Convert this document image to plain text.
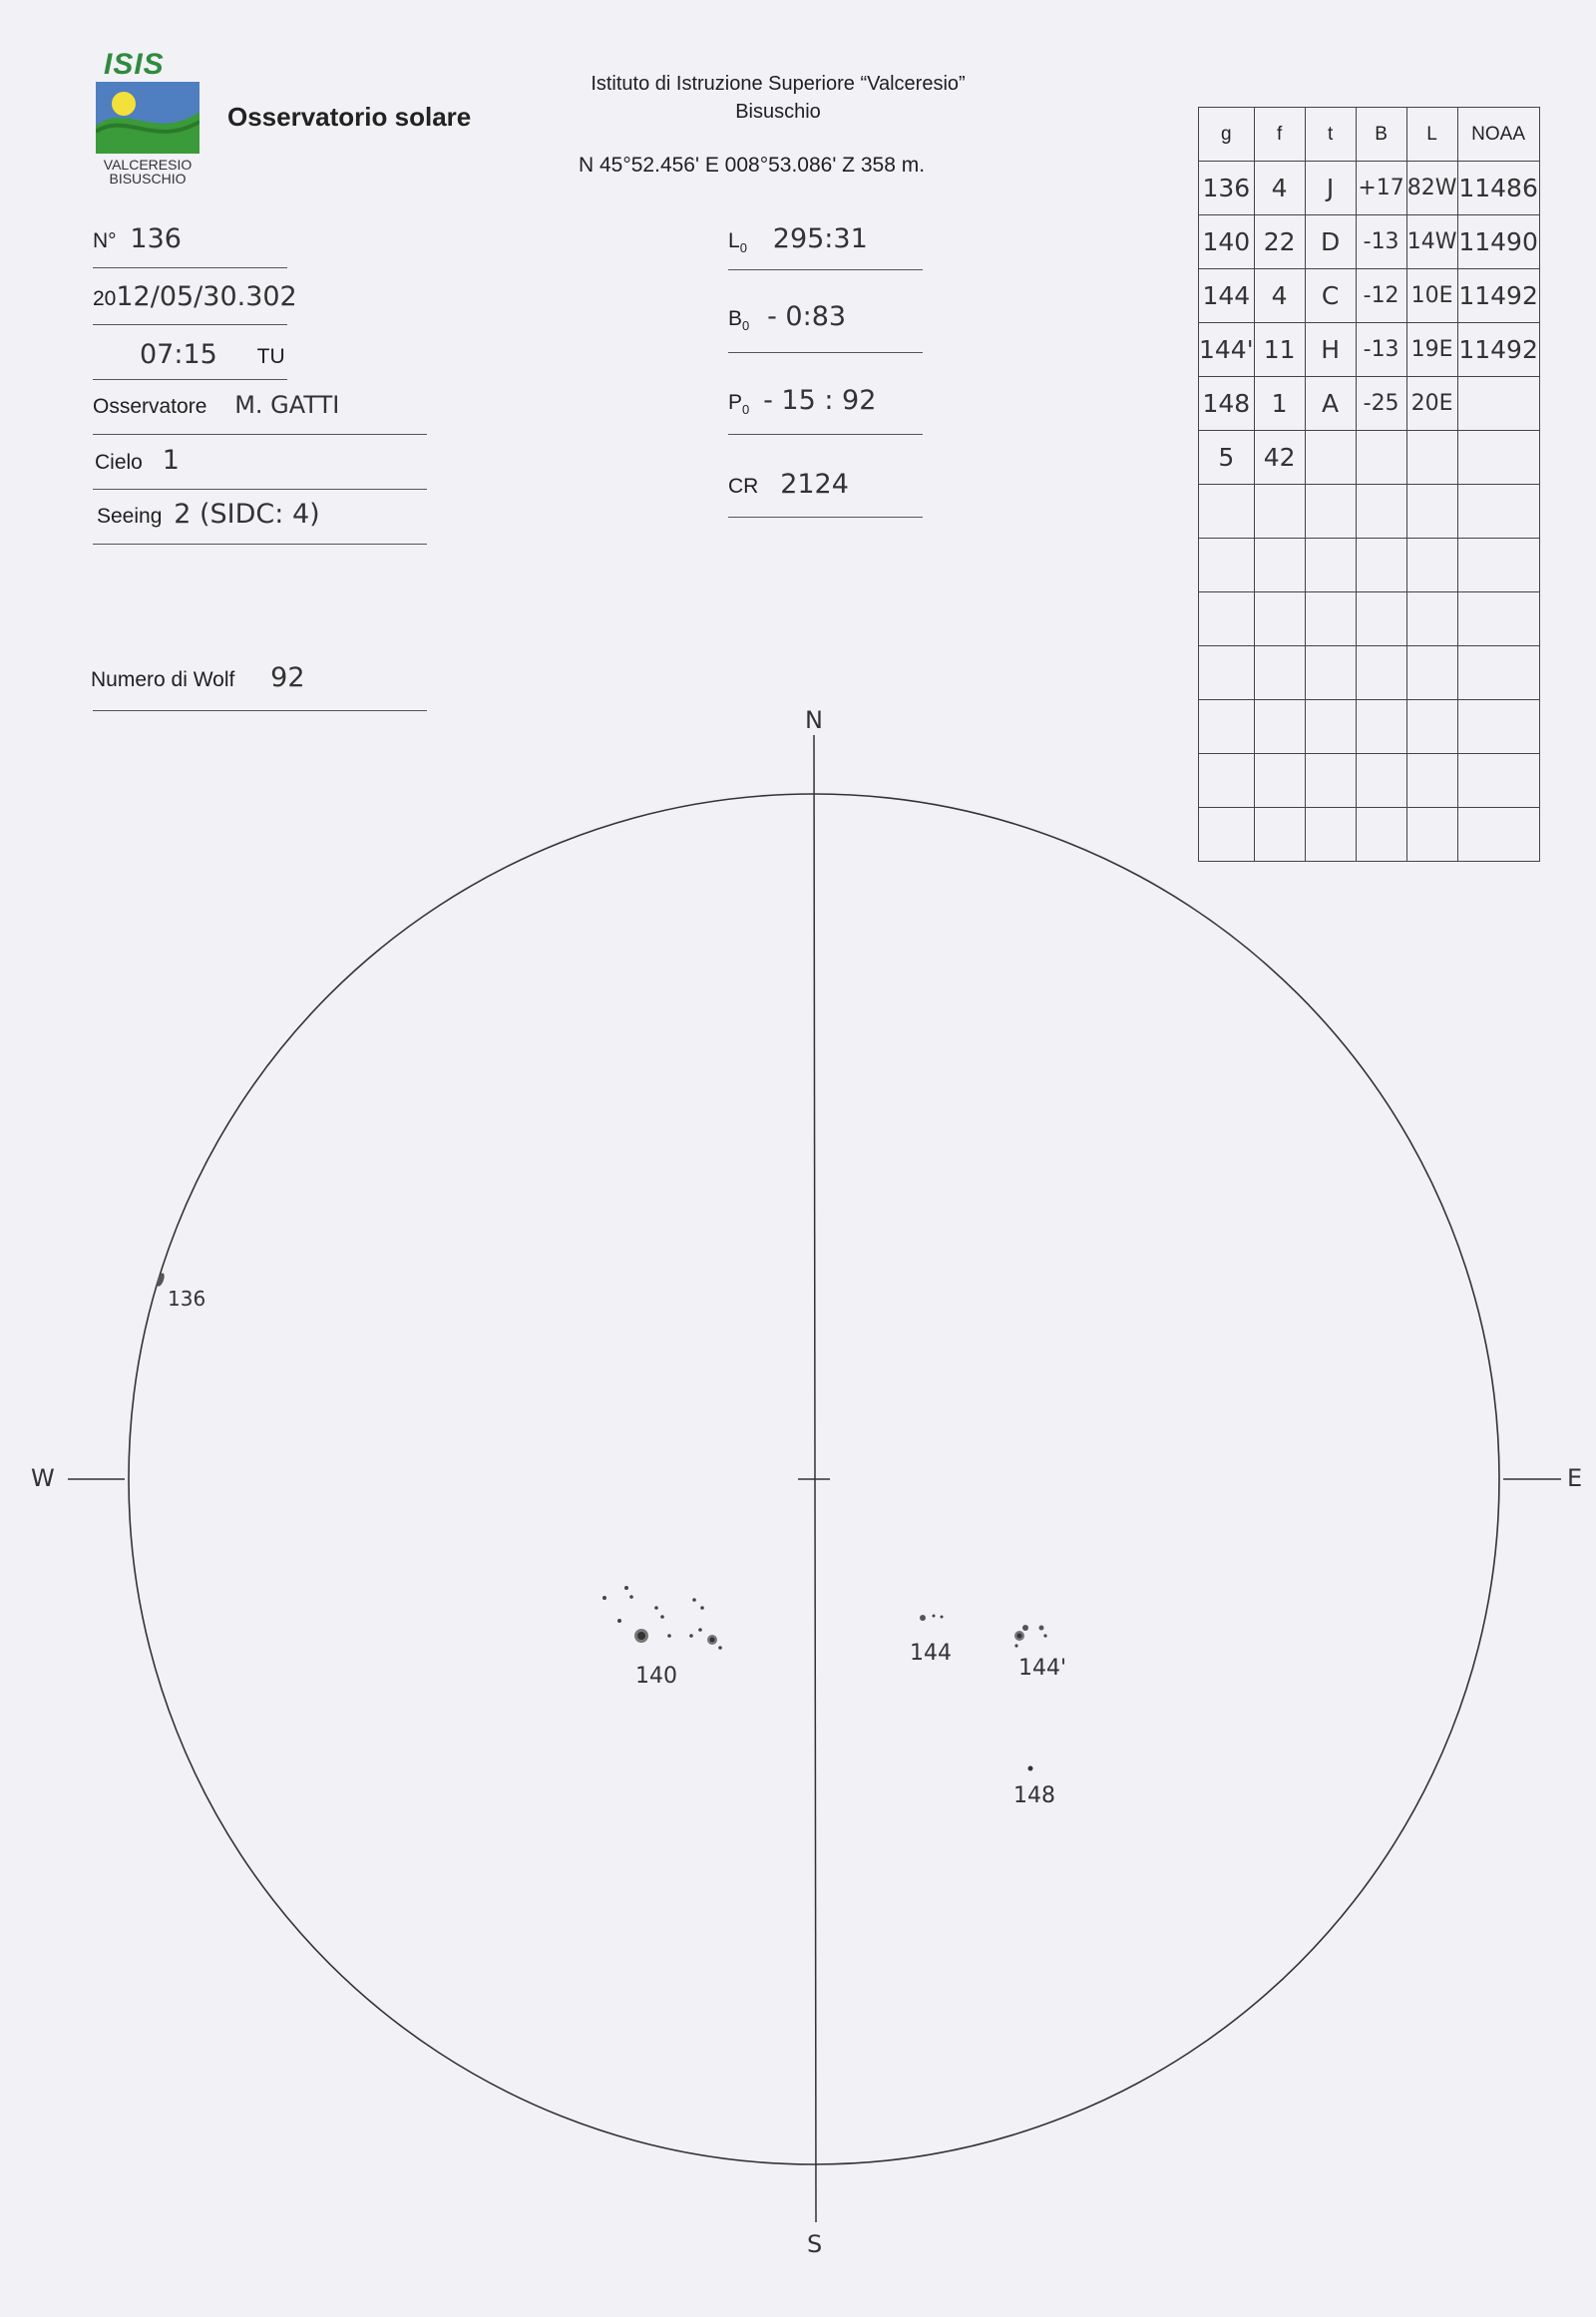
ISIS
VALCERESIO
BISUSCHIO
Osservatorio solare
Istituto di Istruzione Superiore “Valceresio”
Bisuschio
N 45°52.456' E 008°53.086' Z 358 m.
N° 136
2012/05/30.302
07:15 TU
Osservatore M. GATTI
Cielo 1
Seeing 2 (SIDC: 4)
Numero di Wolf 92
$L_0$ 295:31
$B_0$ - 0:83
$P_0 - 15$ : 92
CR 2124
g	f	t	B	L	NOAA
136	4	J	+17	82W	11486
140	22	D	-13	14W	11490
144	4	C	-12	10E	11492
144'	11	H	-13	19E	11492
148	1	A	-25	20E	
5	42				

N
S
W	E
136
140
144
144'
148
